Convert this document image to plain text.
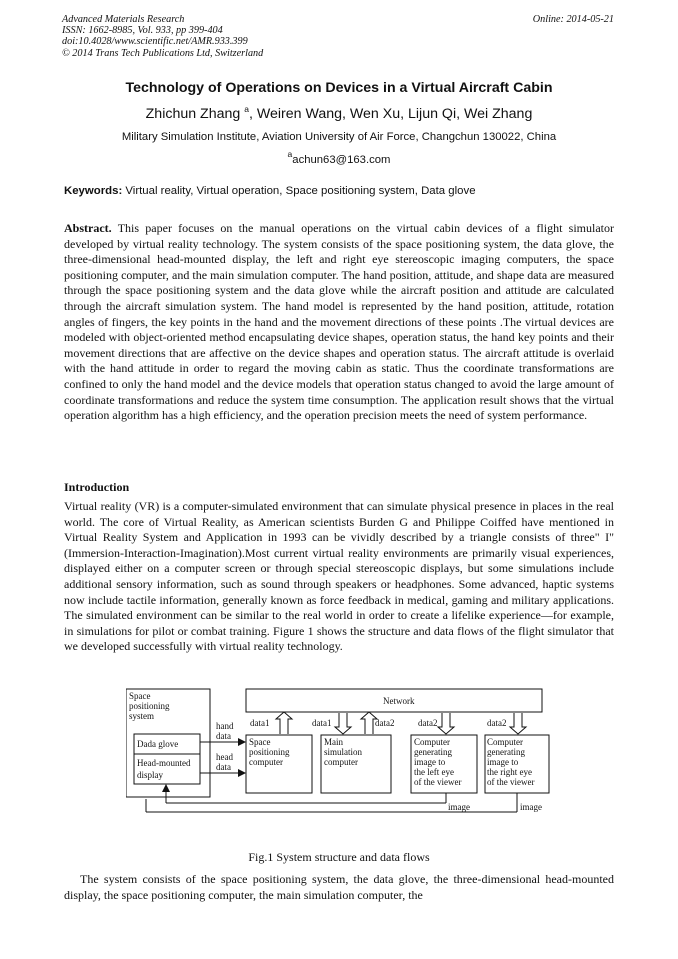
Advanced Materials Research
ISSN: 1662-8985, Vol. 933, pp 399-404
doi:10.4028/www.scientific.net/AMR.933.399
© 2014 Trans Tech Publications Ltd, Switzerland
Online: 2014-05-21
Technology of Operations on Devices in a Virtual Aircraft Cabin
Zhichun Zhang $^a$, Weiren Wang, Wen Xu, Lijun Qi, Wei Zhang
Military Simulation Institute, Aviation University of Air Force, Changchun 130022, China
$^a$achun63@163.com
Keywords: Virtual reality, Virtual operation, Space positioning system, Data glove

Abstract. This paper focuses on the manual operations on the virtual cabin devices of a flight simulator developed by virtual reality technology. The system consists of the space positioning system, the data glove, the three-dimensional head-mounted display, the left and right eye stereoscopic imaging computers, the space positioning computer, and the main simulation computer. The hand position, attitude, and shape data are measured through the space positioning system and the data glove while the aircraft position and attitude are calculated through the aircraft simulation system. The hand model is represented by the hand position, attitude, rotation angles of fingers, the key points in the hand and the movement directions of these points .The virtual devices are modeled with object-oriented method encapsulating device shapes, operation status, the hand key points and their movement directions that are affective on the device shapes and operation status. The aircraft attitude is overlaid with the hand attitude in order to regard the moving cabin as static. Thus the coordinate transformations are confined to only the hand model and the device models that operation status changed to avoid the large amount of coordinate transformations and reduce the system time consumption. The application result shows that the virtual operation algorithm has a high efficiency, and the operation precision meets the need of system performance.

Introduction

Virtual reality (VR) is a computer-simulated environment that can simulate physical presence in places in the real world. The core of Virtual Reality, as American scientists Burden G and Philippe Coiffed have mentioned in Virtual Reality System and Application in 1993 can be vividly described by a triangle consists of three" I"(Immersion-Interaction-Imagination).Most current virtual reality environments are primarily visual experiences, displayed either on a computer screen or through special stereoscopic displays, but some simulations include additional sensory information, such as sound through speakers or headphones. Some advanced, haptic systems now include tactile information, generally known as force feedback in medical, gaming and military applications. The simulated environment can be similar to the real world in order to create a lifelike experience—for example, in simulations for pilot or combat training. Figure 1 shows the structure and data flows of the flight simulator that we developed successfully with virtual reality technology.

Space
positioning
system
Dada glove
Head-mounted
display
hand
data
head
data
Network
data1	data1	data2	data2	data2
Space
positioning
computer
Main
simulation
computer
Computer
generating
image to
the left eye
of the viewer
Computer
generating
image to
the right eye
of the viewer
image	image
Fig.1 System structure and data flows

The system consists of the space positioning system, the data glove, the three-dimensional head-mounted display, the space positioning computer, the main simulation computer, the
